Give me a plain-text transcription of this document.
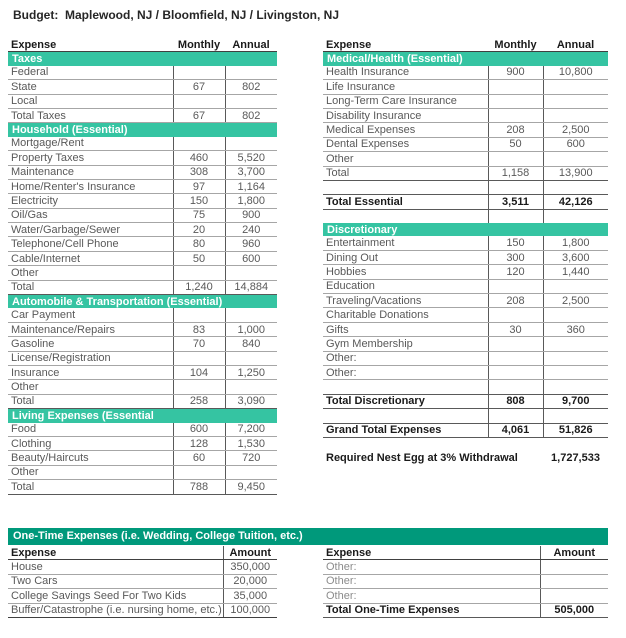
Budget:  Maplewood, NJ / Bloomfield, NJ / Livingston, NJ
Expense	Monthly	Annual
Taxes		
Federal		
State	67	802
Local		
Total Taxes	67	802
Household (Essential)		
Mortgage/Rent		
Property Taxes	460	5,520
Maintenance	308	3,700
Home/Renter's Insurance	97	1,164
Electricity	150	1,800
Oil/Gas	75	900
Water/Garbage/Sewer	20	240
Telephone/Cell Phone	80	960
Cable/Internet	50	600
Other		
Total	1,240	14,884
Automobile & Transportation (Essential)		
Car Payment		
Maintenance/Repairs	83	1,000
Gasoline	70	840
License/Registration		
Insurance	104	1,250
Other		
Total	258	3,090
Living Expenses (Essential		
Food	600	7,200
Clothing	128	1,530
Beauty/Haircuts	60	720
Other		
Total	788	9,450
Expense	Monthly	Annual
Medical/Health (Essential)		
Health Insurance	900	10,800
Life Insurance		
Long-Term Care Insurance		
Disability Insurance		
Medical Expenses	208	2,500
Dental Expenses	50	600
Other		
Total	1,158	13,900

Total Essential	3,511	42,126

Discretionary		
Entertainment	150	1,800
Dining Out	300	3,600
Hobbies	120	1,440
Education		
Traveling/Vacations	208	2,500
Charitable Donations		
Gifts	30	360
Gym Membership		
Other:		
Other:		

Total Discretionary	808	9,700

Grand Total Expenses	4,061	51,826

Required Nest Egg at 3% Withdrawal		1,727,533
One-Time Expenses (i.e. Wedding, College Tuition, etc.)
Expense	Amount
House	350,000
Two Cars	20,000
College Savings Seed For Two Kids	35,000
Buffer/Catastrophe (i.e. nursing home, etc.)	100,000
Expense	Amount
Other:	
Other:	
Other:	
Total One-Time Expenses	505,000
